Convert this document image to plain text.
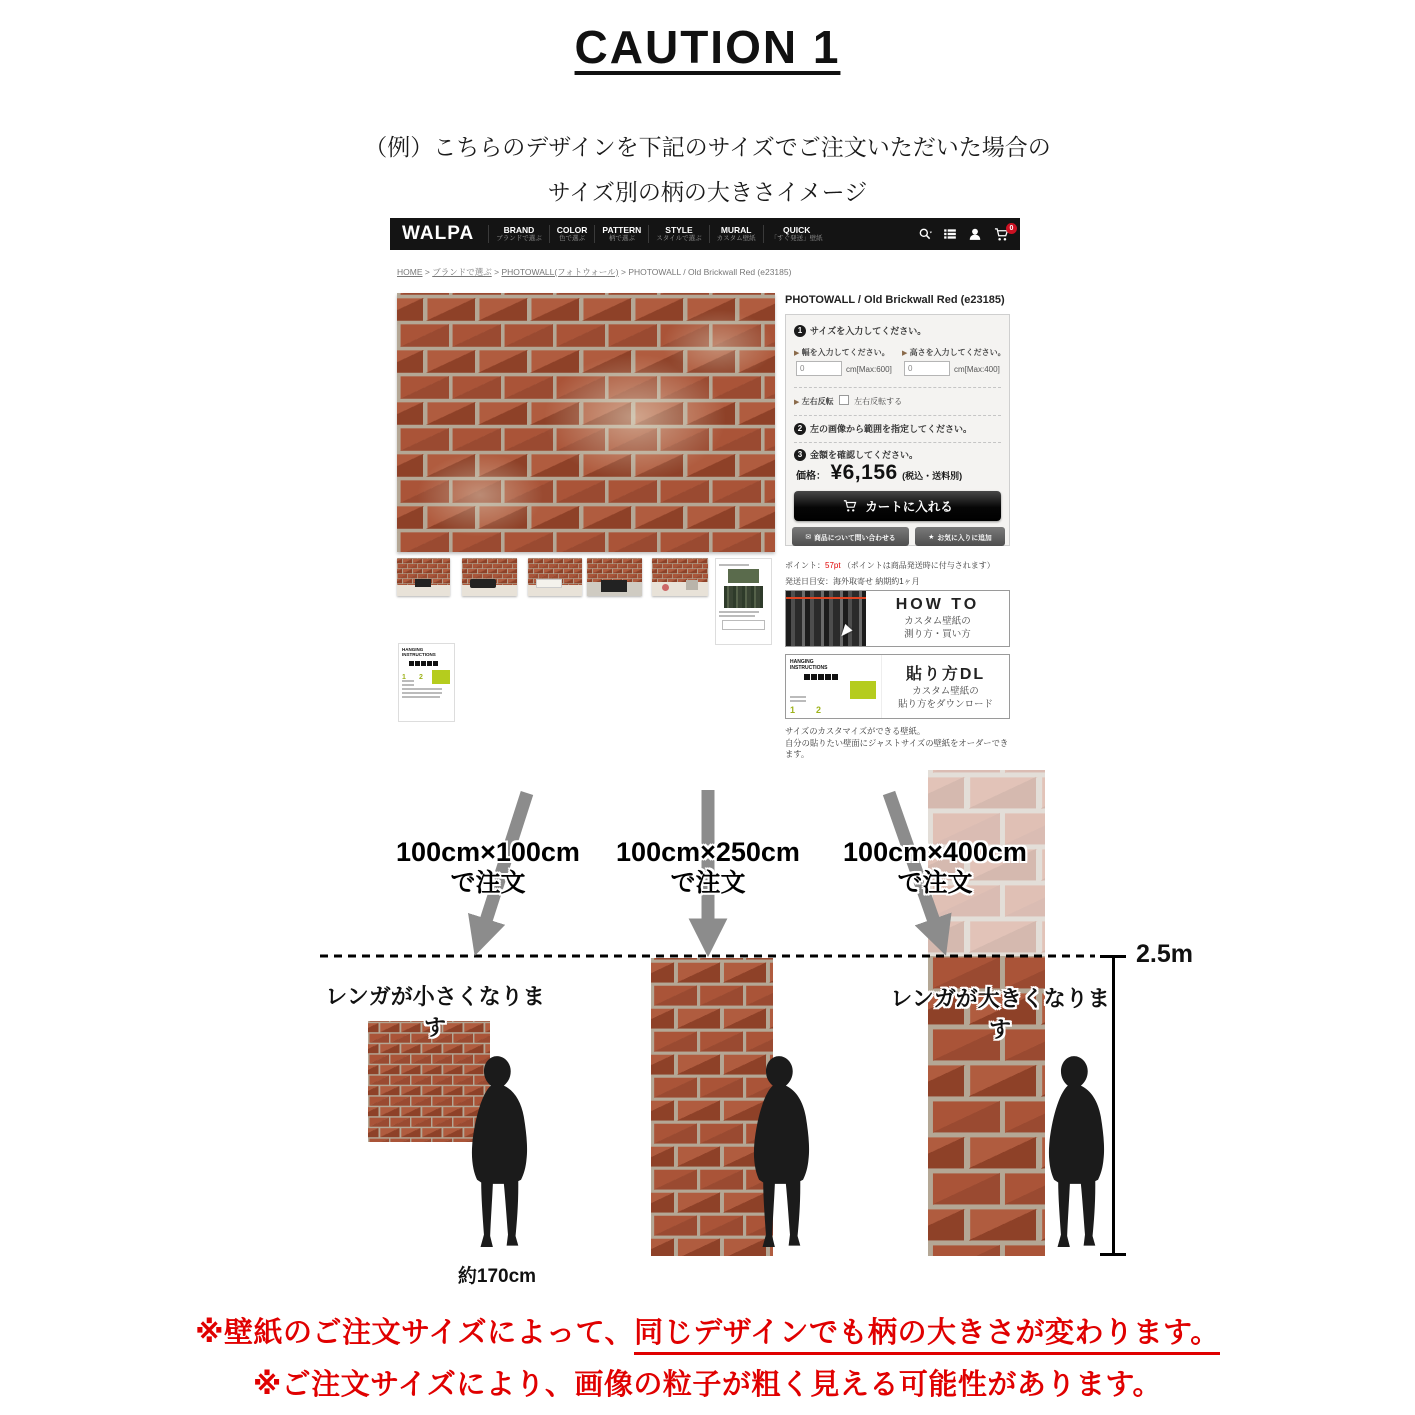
CAUTION 1
（例）こちらのデザインを下記のサイズでご注文いただいた場合の
サイズ別の柄の大きさイメージ
WALPA	BRAND
ブランドで選ぶ
COLOR
色で選ぶ
PATTERN
柄で選ぶ
STYLE
スタイルで選ぶ
MURAL
カスタム壁紙
QUICK
「すぐ発送」壁紙
0
HOME > ブランドで選ぶ > PHOTOWALL(フォトウォール) > PHOTOWALL / Old Brickwall Red (e23185)
HANGING
INSTRUCTIONS
1 2
PHOTOWALL / Old Brickwall Red (e23185)
1 サイズを入力してください。
▶ 幅を入力してください。 ▶ 高さを入力してください。
0
cm[Max:600]
0	cm[Max:400]
▶ 左右反転	左右反転する
2 左の画像から範囲を指定してください。
3 金額を確認してください。
価格： ¥6,156 (税込・送料別)
カートに入れる
✉ 商品について問い合わせる	★ お気に入りに追加
ポイント：57pt （ポイントは商品発送時に付与されます）
発送日目安：海外取寄せ 納期約1ヶ月
HOW TO
カスタム壁紙の
測り方・買い方
HANGING
INSTRUCTIONS
1 2
貼り方DL
カスタム壁紙の
貼り方をダウンロード
サイズのカスタマイズができる壁紙。
自分の貼りたい壁面にジャストサイズの壁紙をオーダーできます。
100cm×100cm
で注文
100cm×250cm
で注文
100cm×400cm
で注文
2.5m
レンガが小さくなります
レンガが大きくなります
約170cm
※壁紙のご注文サイズによって、同じデザインでも柄の大きさが変わります。
※ご注文サイズにより、画像の粒子が粗く見える可能性があります。
